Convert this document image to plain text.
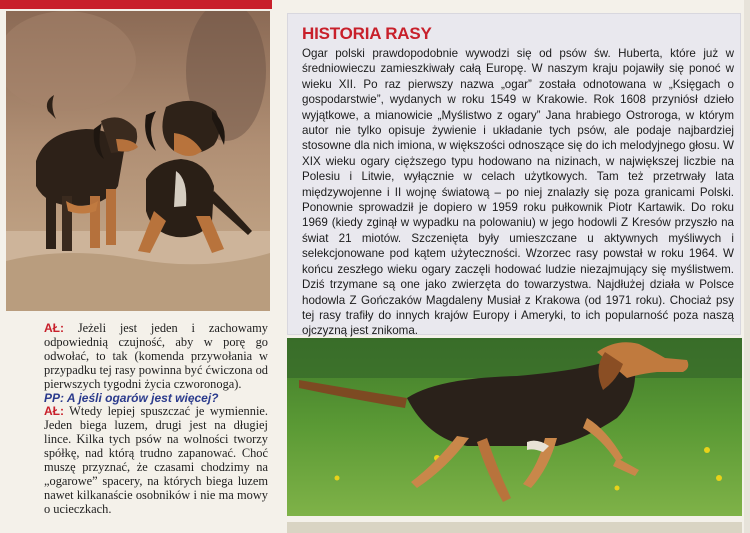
AŁ: Jeżeli jest jeden i zachowamy odpowiednią czujność, aby w porę go odwołać, to tak (komenda przywołania w przypadku tej rasy powinna być ćwiczona od pierwszych tygodni życia czworonoga).

PP: A jeśli ogarów jest więcej?

AŁ: Wtedy lepiej spuszczać je wymiennie. Jeden biega luzem, drugi jest na długiej lince. Kilka tych psów na wolności tworzy spółkę, nad którą trudno zapanować. Choć muszę przyznać, że czasami chodzimy na „ogarowe” spacery, na których biega luzem nawet kilkanaście osobników i nie ma mowy o ucieczkach.

HISTORIA RASY

Ogar polski prawdopodobnie wywodzi się od psów św. Huberta, które już w średniowieczu zamieszkiwały całą Europę. W naszym kraju pojawiły się ponoć w wieku XII. Po raz pierwszy nazwa „ogar” została odnotowana w „Księgach o gospodarstwie”, wydanych w roku 1549 w Krakowie. Rok 1608 przyniósł dzieło wyjątkowe, a mianowicie „Myślistwo z ogary” Jana hrabiego Ostroroga, w którym autor nie tylko opisuje żywienie i układanie tych psów, ale podaje najbardziej stosowne dla nich imiona, w większości odnoszące się do ich melodyjnego głosu. W XIX wieku ogary cięższego typu hodowano na nizinach, w największej liczbie na Polesiu i Litwie, wyłącznie w celach użytkowych. Tam też przetrwały lata międzywojenne i II wojnę światową – po niej znalazły się poza granicami Polski. Ponownie sprowadził je dopiero w 1959 roku pułkownik Piotr Kartawik. Do roku 1969 (kiedy zginął w wypadku na polowaniu) w jego hodowli Z Kresów przyszło na świat 21 miotów. Szczenięta były umieszczane u aktywnych myśliwych i selekcjonowane pod kątem użyteczności. Wzorzec rasy powstał w roku 1964. W końcu zeszłego wieku ogary zaczęli hodować ludzie niezajmujący się myślistwem. Dziś trzymane są one jako zwierzęta do towarzystwa. Najdłużej działa w Polsce hodowla Z Gończaków Magdaleny Musiał z Krakowa (od 1971 roku). Chociaż psy tej rasy trafiły do innych krajów Europy i Ameryki, to ich popularność poza naszą ojczyzną jest znikoma.
